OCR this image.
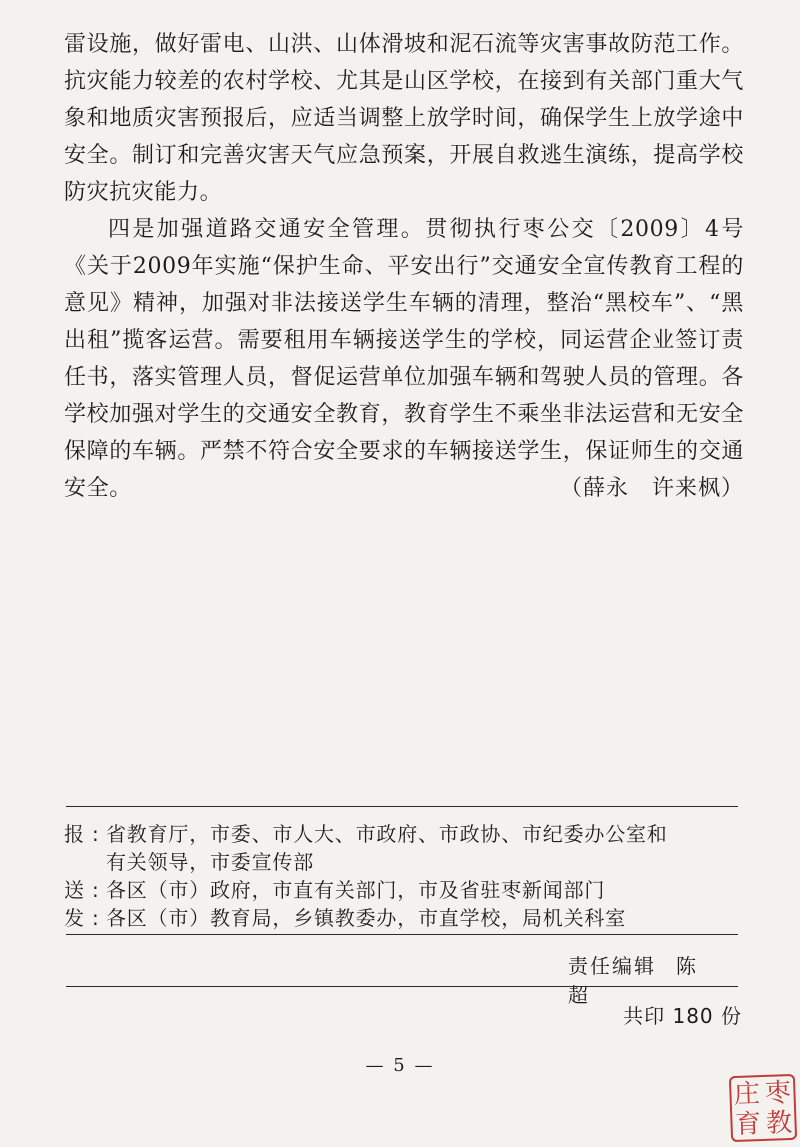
雷设施，做好雷电、山洪、山体滑坡和泥石流等灾害事故防范工作。抗灾能力较差的农村学校、尤其是山区学校，在接到有关部门重大气象和地质灾害预报后，应适当调整上放学时间，确保学生上放学途中安全。制订和完善灾害天气应急预案，开展自救逃生演练，提高学校防灾抗灾能力。

四是加强道路交通安全管理。贯彻执行枣公交〔2009〕4号《关于2009年实施“保护生命、平安出行”交通安全宣传教育工程的意见》精神，加强对非法接送学生车辆的清理，整治“黑校车”、“黑出租”揽客运营。需要租用车辆接送学生的学校，同运营企业签订责任书，落实管理人员，督促运营单位加强车辆和驾驶人员的管理。各学校加强对学生的交通安全教育，教育学生不乘坐非法运营和无安全保障的车辆。严禁不符合安全要求的车辆接送学生，保证师生的交通安全。	（薛永　许来枫）

报 : 省教育厅，市委、市人大、市政府、市政协、市纪委办公室和
有关领导，市委宣传部
送 : 各区（市）政府，市直有关部门，市及省驻枣新闻部门
发 : 各区（市）教育局，乡镇教委办，市直学校，局机关科室
责任编辑 陈超
共印 180 份
— 5 —
庄 枣
育 教
